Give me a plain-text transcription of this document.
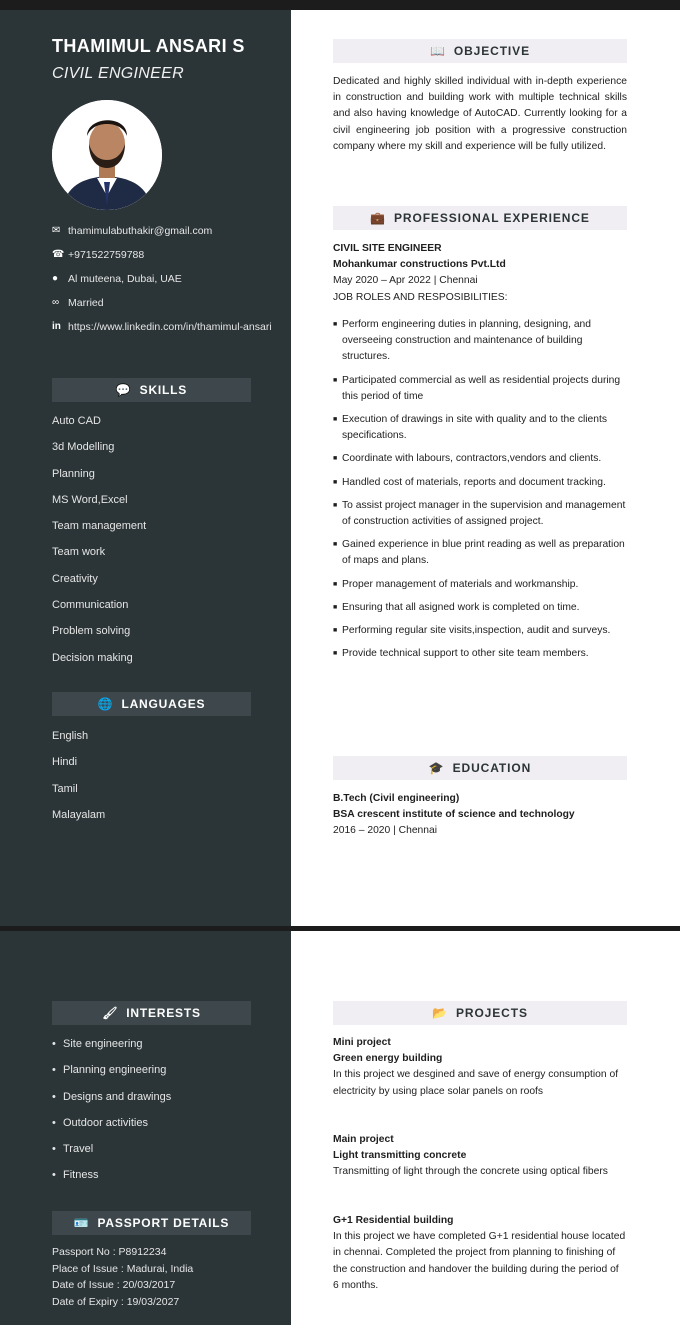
THAMIMUL ANSARI S
CIVIL ENGINEER
✉ thamimulabuthakir@gmail.com
☎ +971522759788
● Al muteena, Dubai, UAE
∞ Married
in https://www.linkedin.com/in/thamimul-ansari
💬 SKILLS
Auto CAD
3d Modelling
Planning
MS Word,Excel
Team management
Team work
Creativity
Communication
Problem solving
Decision making
🌐 LANGUAGES
English
Hindi
Tamil
Malayalam
📖 OBJECTIVE
Dedicated and highly skilled individual with in-depth experience in construction and building work with multiple technical skills and also having knowledge of AutoCAD. Currently looking for a civil engineering job position with a progressive construction company where my skill and experience will be fully utilized.
💼 PROFESSIONAL EXPERIENCE
CIVIL SITE ENGINEER
Mohankumar constructions Pvt.Ltd
May 2020 – Apr 2022 | Chennai
JOB ROLES AND RESPOSIBILITIES:
■ Perform engineering duties in planning, designing, and overseeing construction and maintenance of building structures.
■ Participated commercial as well as residential projects during this period of time
■ Execution of drawings in site with quality and to the clients specifications.
■ Coordinate with labours, contractors,vendors and clients.
■ Handled cost of materials, reports and document tracking.
■ To assist project manager in the supervision and management of construction activities of assigned project.
■ Gained experience in blue print reading as well as preparation of maps and plans.
■ Proper management of materials and workmanship.
■ Ensuring that all asigned work is completed on time.
■ Performing regular site visits,inspection, audit and surveys.
■ Provide technical support to other site team members.
🎓 EDUCATION
B.Tech (Civil engineering)
BSA crescent institute of science and technology
2016 – 2020 | Chennai
🖌 INTERESTS
• Site engineering
• Planning engineering
• Designs and drawings
• Outdoor activities
• Travel
• Fitness
🪪 PASSPORT DETAILS
Passport No : P8912234
Place of Issue : Madurai, India
Date of Issue : 20/03/2017
Date of Expiry : 19/03/2027
📂 PROJECTS
Mini project
Green energy building
In this project we desgined and save of energy consumption of electricity by using place solar panels on roofs
Main project
Light transmitting concrete
Transmitting of light through the concrete using optical fibers
G+1 Residential building
In this project we have completed G+1 residential house located in chennai. Completed the project from planning to finishing of the construction and handover the building during the period of 6 months.
